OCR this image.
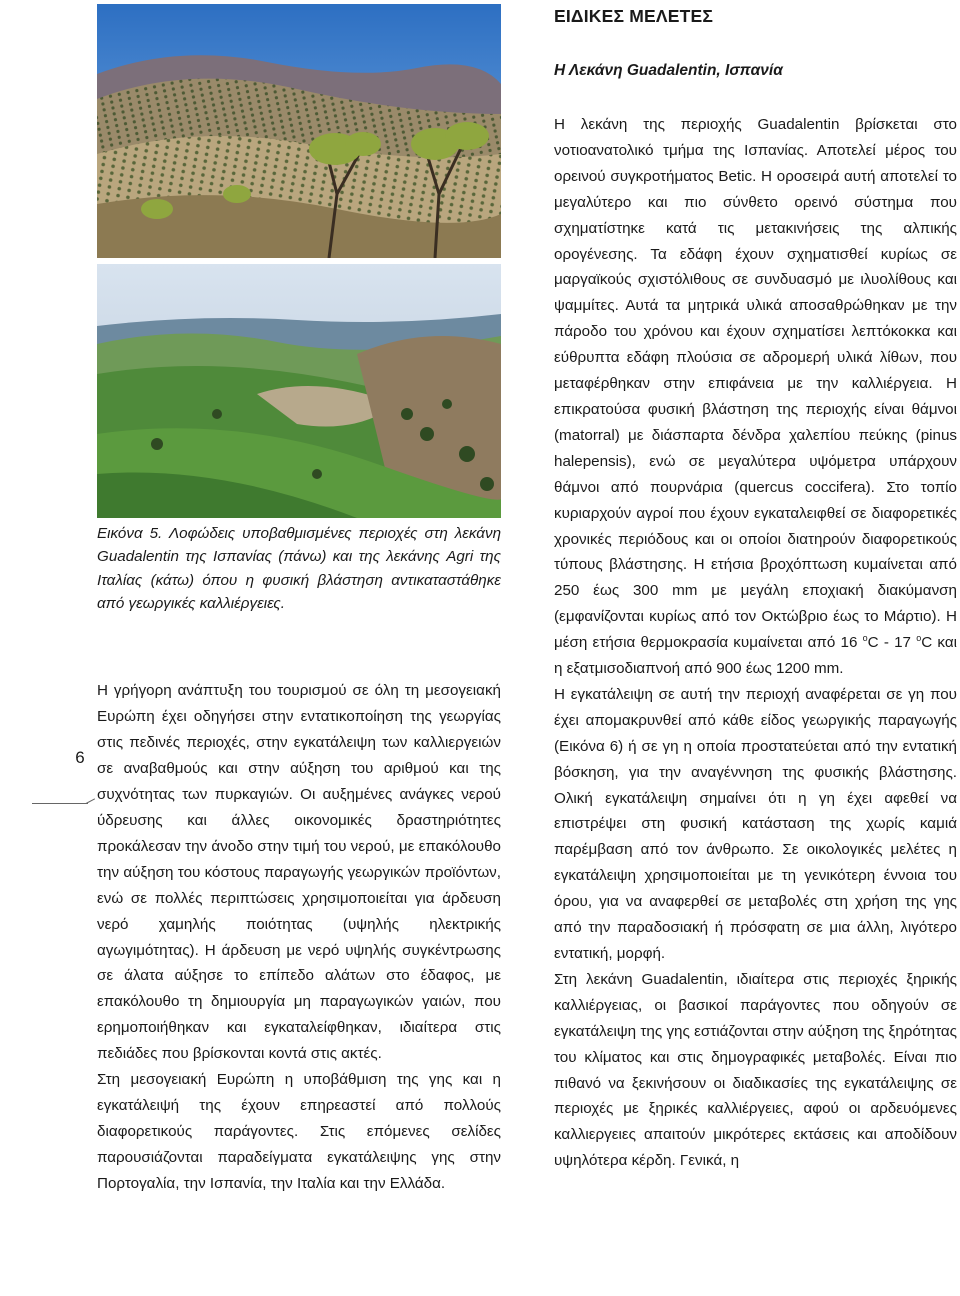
Εικόνα 5. Λοφώδεις υποβαθμισμένες περιοχές στη λεκάνη Guadalentin της Ισπανίας (πάνω) και της λεκάνης Agri της Ιταλίας (κάτω) όπου η φυσική βλάστηση αντικαταστάθηκε από γεωργικές καλλιέργειες.

Η γρήγορη ανάπτυξη του τουρισμού σε όλη τη μεσογειακή Ευρώπη έχει οδηγήσει στην εντατικοποίηση της γεωργίας στις πεδινές περιοχές, στην εγκατάλειψη των καλλιεργειών σε αναβαθμούς και στην αύξηση του αριθμού και της συχνότητας των πυρκαγιών. Οι αυξημένες ανάγκες νερού ύδρευσης και άλλες οικονομικές δραστηριότητες προκάλεσαν την άνοδο στην τιμή του νερού, με επακόλουθο την αύξηση του κόστους παραγωγής γεωργικών προϊόντων, ενώ σε πολλές περιπτώσεις χρησιμοποιείται για άρδευση νερό χαμηλής ποιότητας (υψηλής ηλεκτρικής αγωγιμότητας). Η άρδευση με νερό υψηλής συγκέντρωσης σε άλατα αύξησε το επίπεδο αλάτων στο έδαφος, με επακόλουθο τη δημιουργία μη παραγωγικών γαιών, που ερημοποιήθηκαν και εγκαταλείφθηκαν, ιδιαίτερα στις πεδιάδες που βρίσκονται κοντά στις ακτές.

Στη μεσογειακή Ευρώπη η υποβάθμιση της γης και η εγκατάλειψή της έχουν επηρεαστεί από πολλούς διαφορετικούς παράγοντες. Στις επόμενες σελίδες παρουσιάζονται παραδείγματα εγκατάλειψης γης στην Πορτογαλία, την Ισπανία, την Ιταλία και την Ελλάδα.

6
ΕΙΔΙΚΕΣ ΜΕΛΕΤΕΣ
Η Λεκάνη Guadalentin, Ισπανία

Η λεκάνη της περιοχής Guadalentin βρίσκεται στο νοτιοανατολικό τμήμα της Ισπανίας. Αποτελεί μέρος του ορεινού συγκροτήματος Betic. Η οροσειρά αυτή αποτελεί το μεγαλύτερο και πιο σύνθετο ορεινό σύστημα που σχηματίστηκε κατά τις μετακινήσεις της αλπικής ορογένεσης. Τα εδάφη έχουν σχηματισθεί κυρίως σε μαργαϊκούς σχιστόλιθους σε συνδυασμό με ιλυολίθους και ψαμμίτες. Αυτά τα μητρικά υλικά αποσαθρώθηκαν με την πάροδο του χρόνου και έχουν σχηματίσει λεπτόκοκκα και εύθρυπτα εδάφη πλούσια σε αδρομερή υλικά λίθων, που μεταφέρθηκαν στην επιφάνεια με την καλλιέργεια. Η επικρατούσα φυσική βλάστηση της περιοχής είναι θάμνοι (matorral) με διάσπαρτα δένδρα χαλεπίου πεύκης (pinus halepensis), ενώ σε μεγαλύτερα υψόμετρα υπάρχουν θάμνοι από πουρνάρια (quercus coccifera). Στο τοπίο κυριαρχούν αγροί που έχουν εγκαταλειφθεί σε διαφορετικές χρονικές περιόδους και οι οποίοι διατηρούν διαφορετικούς τύπους βλάστησης. Η ετήσια βροχόπτωση κυμαίνεται από 250 έως 300 mm με μεγάλη εποχιακή διακύμανση (εμφανίζονται κυρίως από τον Οκτώβριο έως το Μάρτιο). Η μέση ετήσια θερμοκρασία κυμαίνεται από 16 $^o$C - 17 $^o$C και η εξατμισοδιαπνοή από 900 έως 1200 mm.

Η εγκατάλειψη σε αυτή την περιοχή αναφέρεται σε γη που έχει απομακρυνθεί από κάθε είδος γεωργικής παραγωγής (Εικόνα 6) ή σε γη η οποία προστατεύεται από την εντατική βόσκηση, για την αναγέννηση της φυσικής βλάστησης. Ολική εγκατάλειψη σημαίνει ότι η γη έχει αφεθεί να επιστρέψει στη φυσική κατάσταση της χωρίς καμιά παρέμβαση από τον άνθρωπο. Σε οικολογικές μελέτες η εγκατάλειψη χρησιμοποιείται με τη γενικότερη έννοια του όρου, για να αναφερθεί σε μεταβολές στη χρήση της γης από την παραδοσιακή ή πρόσφατη σε μια άλλη, λιγότερο εντατική, μορφή.

Στη λεκάνη Guadalentin, ιδιαίτερα στις περιοχές ξηρικής καλλιέργειας, οι βασικοί παράγοντες που οδηγούν σε εγκατάλειψη της γης εστιάζονται στην αύξηση της ξηρότητας του κλίματος και στις δημογραφικές μεταβολές. Είναι πιο πιθανό να ξεκινήσουν οι διαδικασίες της εγκατάλειψης σε περιοχές με ξηρικές καλλιέργειες, αφού οι αρδευόμενες καλλιεργειες απαιτούν μικρότερες εκτάσεις και αποδίδουν υψηλότερα κέρδη. Γενικά, η
